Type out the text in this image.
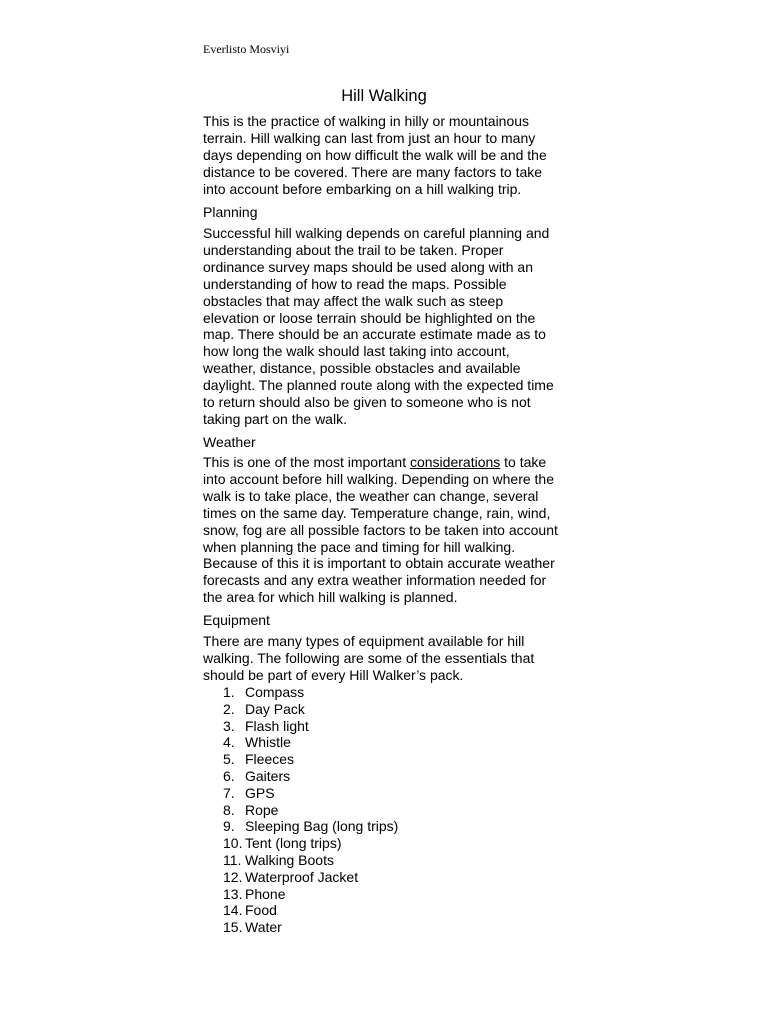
Everlisto Mosviyi
Hill Walking
This is the practice of walking in hilly or mountainous
terrain. Hill walking can last from just an hour to many
days depending on how difficult the walk will be and the
distance to be covered. There are many factors to take
into account before embarking on a hill walking trip.
Planning
Successful hill walking depends on careful planning and
understanding about the trail to be taken. Proper
ordinance survey maps should be used along with an
understanding of how to read the maps. Possible
obstacles that may affect the walk such as steep
elevation or loose terrain should be highlighted on the
map. There should be an accurate estimate made as to
how long the walk should last taking into account,
weather, distance, possible obstacles and available
daylight. The planned route along with the expected time
to return should also be given to someone who is not
taking part on the walk.
Weather
This is one of the most important considerations to take
into account before hill walking. Depending on where the
walk is to take place, the weather can change, several
times on the same day. Temperature change, rain, wind,
snow, fog are all possible factors to be taken into account
when planning the pace and timing for hill walking.
Because of this it is important to obtain accurate weather
forecasts and any extra weather information needed for
the area for which hill walking is planned.
Equipment
There are many types of equipment available for hill
walking. The following are some of the essentials that
should be part of every Hill Walker’s pack.
1. Compass
2. Day Pack
3. Flash light
4. Whistle
5. Fleeces
6. Gaiters
7. GPS
8. Rope
9. Sleeping Bag (long trips)
10. Tent (long trips)
11. Walking Boots
12. Waterproof Jacket
13. Phone
14. Food
15. Water
